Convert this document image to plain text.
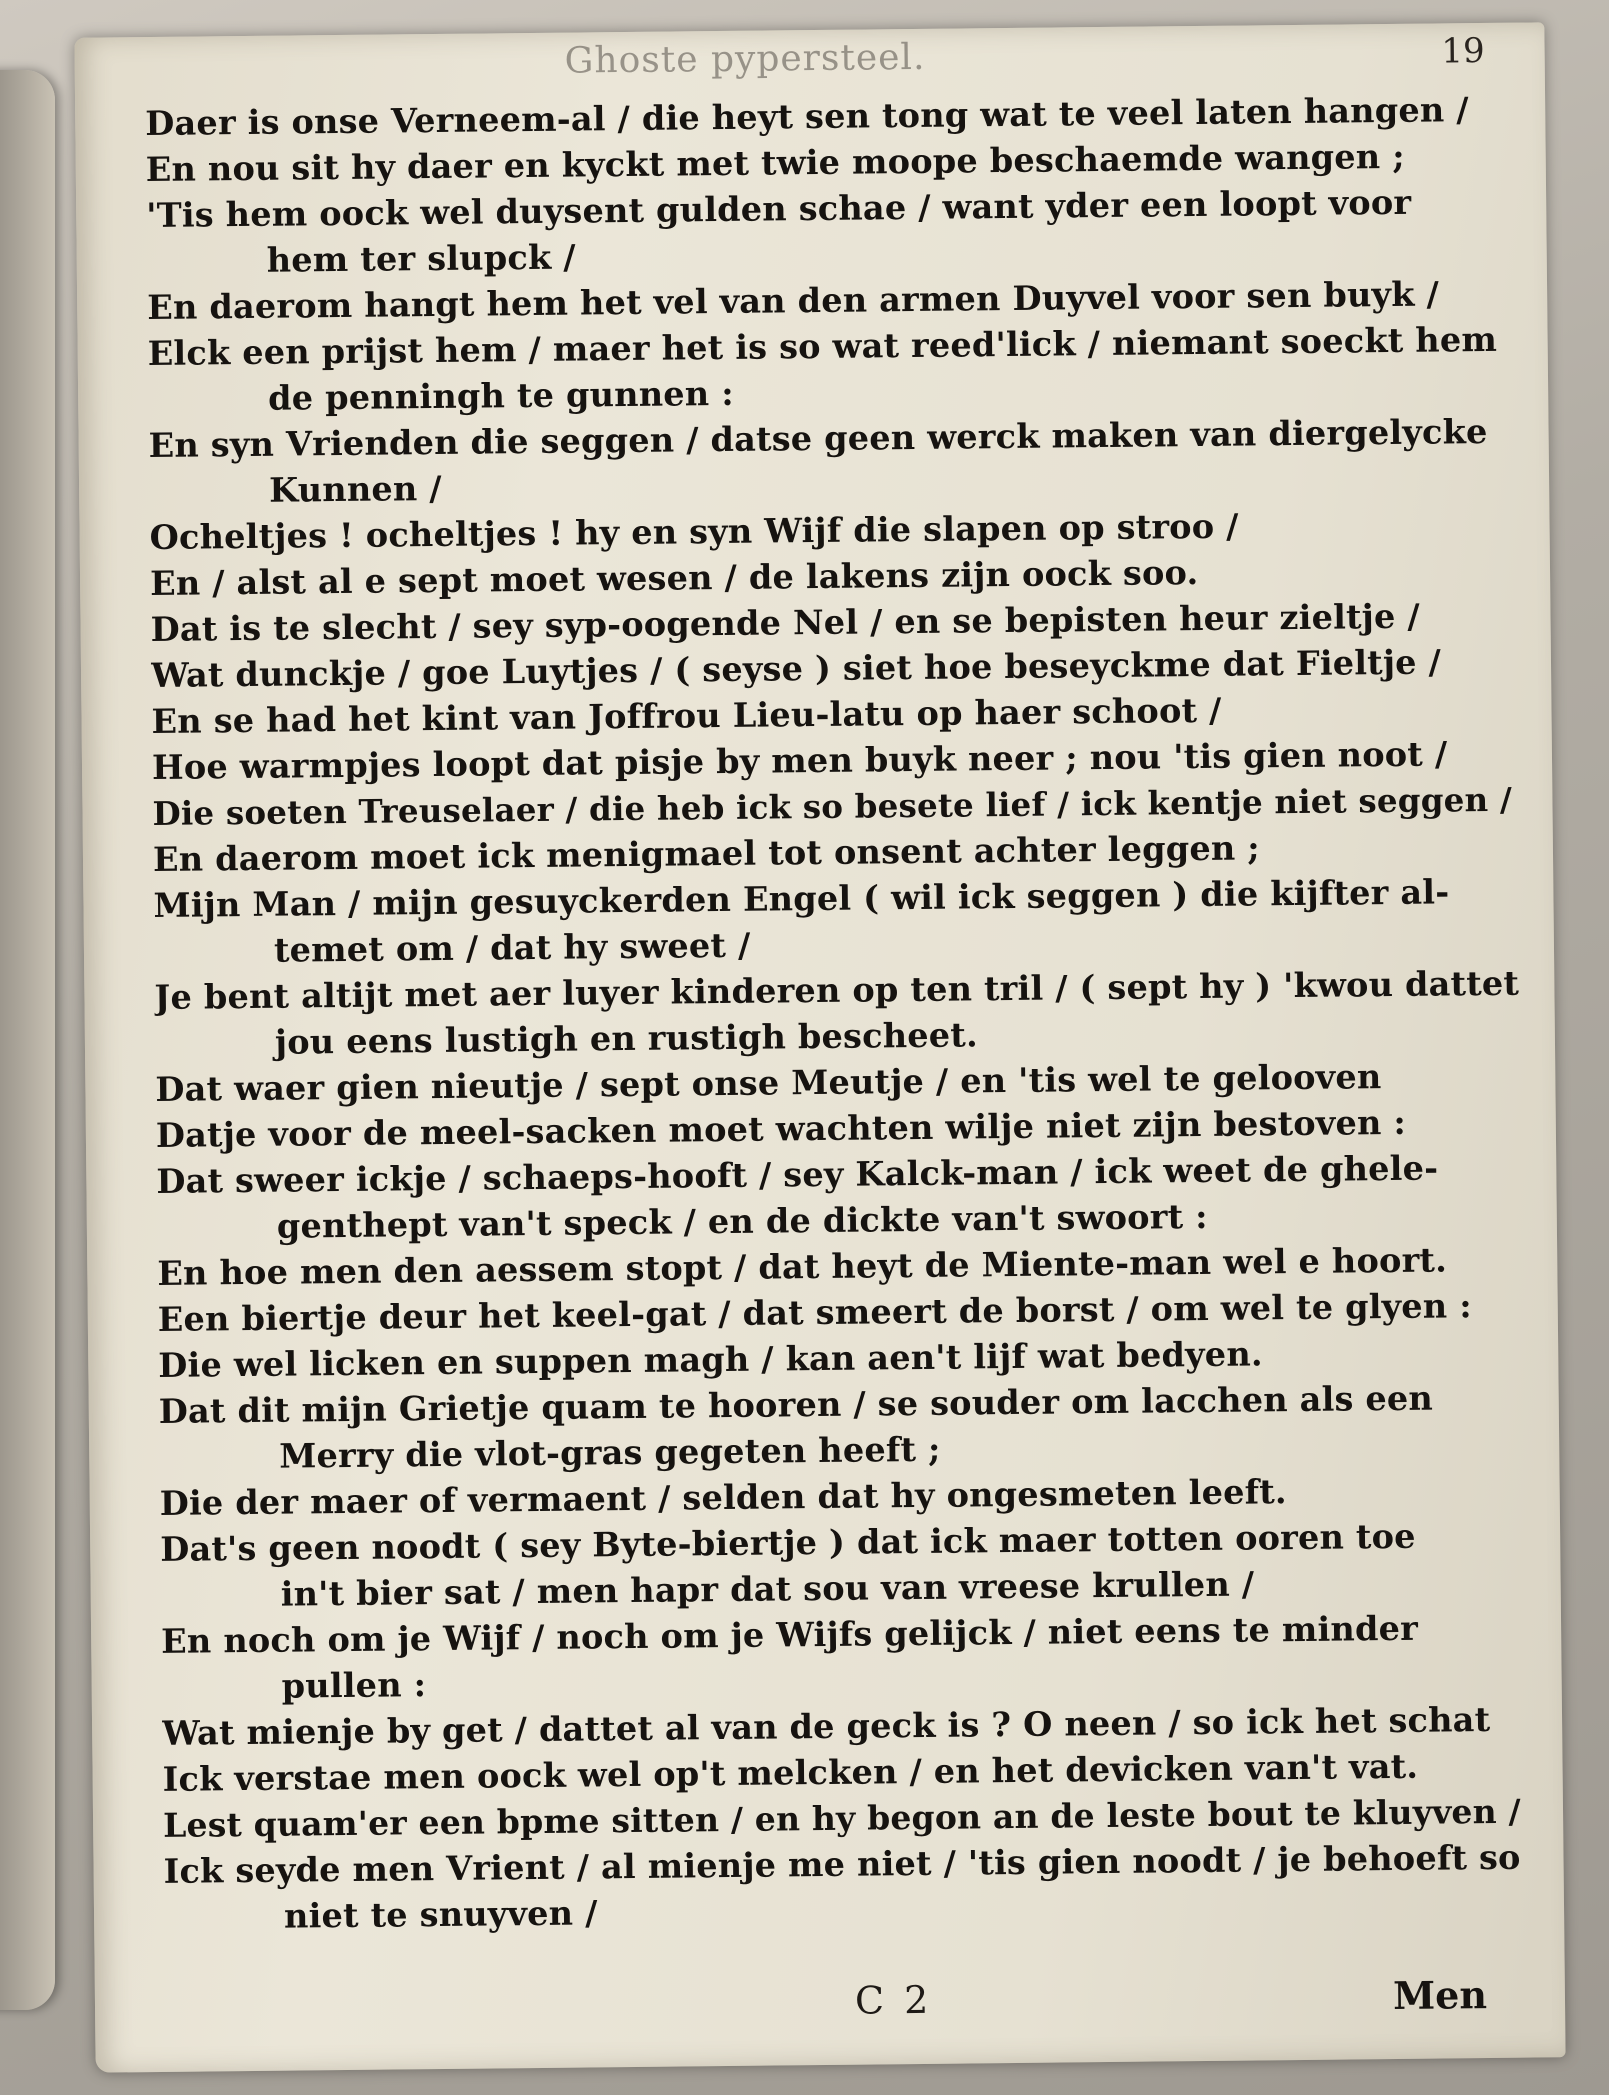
Ghoste pypersteel.	19
Daer is onse Verneem-al / die heyt sen tong wat te veel laten hangen /
En nou sit hy daer en kyckt met twie moope beschaemde wangen ;
'Tis hem oock wel duysent gulden schae / want yder een loopt voor
hem ter slupck /
En daerom hangt hem het vel van den armen Duyvel voor sen buyk /
Elck een prijst hem / maer het is so wat reed'lick / niemant soeckt hem
de penningh te gunnen :
En syn Vrienden die seggen / datse geen werck maken van diergelycke
Kunnen /
Ocheltjes ! ocheltjes ! hy en syn Wijf die slapen op stroo /
En / alst al e sept moet wesen / de lakens zijn oock soo.
Dat is te slecht / sey syp-oogende Nel / en se bepisten heur zieltje /
Wat dunckje / goe Luytjes / ( seyse ) siet hoe beseyckme dat Fieltje /
En se had het kint van Joffrou Lieu-latu op haer schoot /
Hoe warmpjes loopt dat pisje by men buyk neer ; nou 'tis gien noot /
Die soeten Treuselaer / die heb ick so besete lief / ick kentje niet seggen /
En daerom moet ick menigmael tot onsent achter leggen ;
Mijn Man / mijn gesuyckerden Engel ( wil ick seggen ) die kijfter al-
temet om / dat hy sweet /
Je bent altijt met aer luyer kinderen op ten tril / ( sept hy ) 'kwou dattet
jou eens lustigh en rustigh bescheet.
Dat waer gien nieutje / sept onse Meutje / en 'tis wel te gelooven
Datje voor de meel-sacken moet wachten wilje niet zijn bestoven :
Dat sweer ickje / schaeps-hooft / sey Kalck-man / ick weet de ghele-
genthept van't speck / en de dickte van't swoort :
En hoe men den aessem stopt / dat heyt de Miente-man wel e hoort.
Een biertje deur het keel-gat / dat smeert de borst / om wel te glyen :
Die wel licken en suppen magh / kan aen't lijf wat bedyen.
Dat dit mijn Grietje quam te hooren / se souder om lacchen als een
Merry die vlot-gras gegeten heeft ;
Die der maer of vermaent / selden dat hy ongesmeten leeft.
Dat's geen noodt ( sey Byte-biertje ) dat ick maer totten ooren toe
in't bier sat / men hapr dat sou van vreese krullen /
En noch om je Wijf / noch om je Wijfs gelijck / niet eens te minder
pullen :
Wat mienje by get / dattet al van de geck is ? O neen / so ick het schat
Ick verstae men oock wel op't melcken / en het devicken van't vat.
Lest quam'er een bpme sitten / en hy begon an de leste bout te kluyven /
Ick seyde men Vrient / al mienje me niet / 'tis gien noodt / je behoeft so
niet te snuyven /
C 2	Men
